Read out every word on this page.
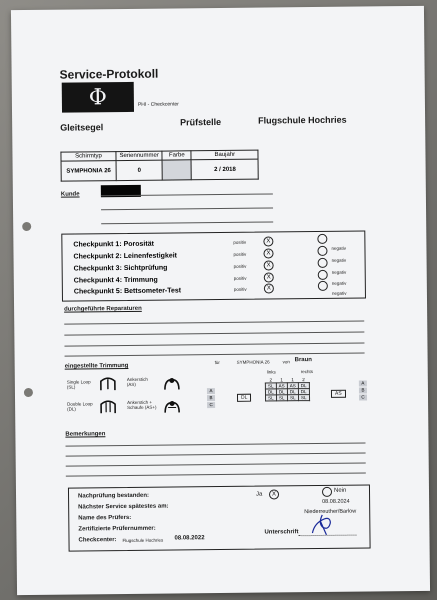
Service-Protokoll
Φ	PHI - Checkcenter
Gleitsegel
Prüfstelle	Flugschule Hochries
Schirmtyp	Seriennummer	Farbe	Baujahr
SYMPHONIA 26	0		2 / 2018
Kunde
Checkpunkt 1: Porosität	positiv	X
negativ
Checkpunkt 2: Leinenfestigkeit	positiv	X
negativ
Checkpunkt 3: Sichtprüfung	positiv	X
negativ
Checkpunkt 4: Trimmung	positiv	X
negativ
Checkpunkt 5: Bettsometer-Test	positiv	X
negativ
durchgeführte Reparaturen
eingestellte Trimmung
für	SYMPHONIA 26	von Braun
Single Loop (SL)
Double Loop (DL)
Ankerstich (AS)
Ankerstich + Schaufe (AS+)
A
B
C
DL
links	rechts
2	1	1	2
SL	AS	AS	DL
DL	DL	DL	DL
SL	SL	SL	SL
AS
A
B
C
Bemerkungen
Nachprüfung bestanden:	Ja	X
Nein
Nächster Service spätestes am:
08.08.2024
Name des Prüfers:
Niederreuther/Barlow
Zertifizierte Prüfernummer:
Checkcenter: Flugschule Hochries 08.08.2022
Unterschrift
